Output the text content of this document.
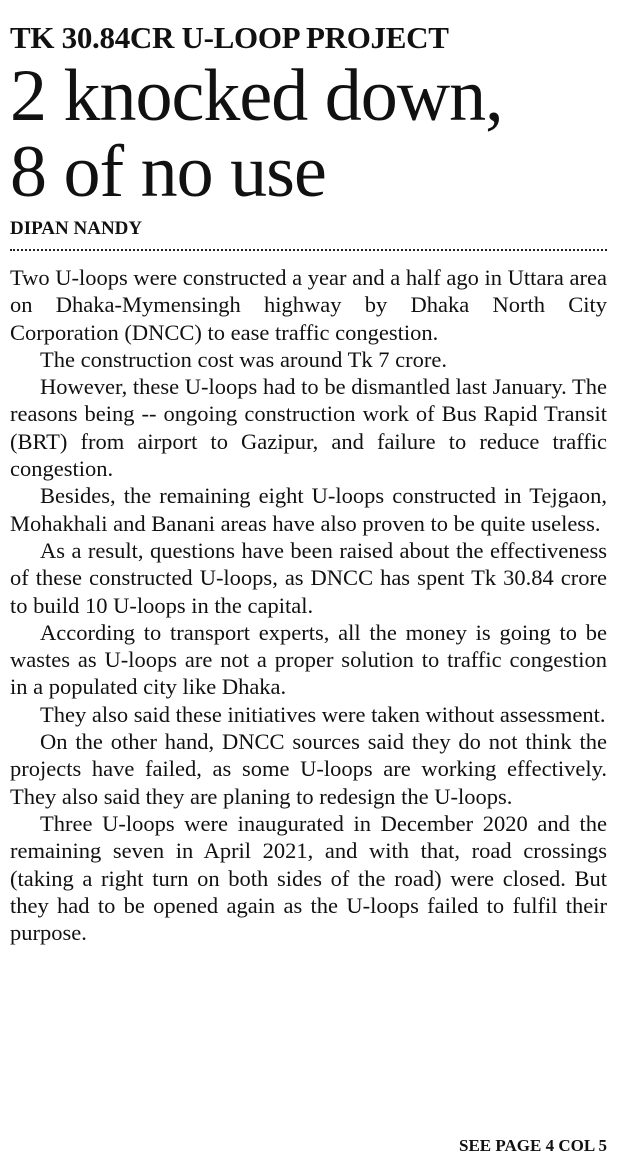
TK 30.84CR U-LOOP PROJECT
2 knocked down,
8 of no use
DIPAN NANDY

Two U-loops were constructed a year and a half ago in Uttara area on Dhaka-Mymensingh highway by Dhaka North City Corporation (DNCC) to ease traffic congestion.

The construction cost was around Tk 7 crore.

However, these U-loops had to be dismantled last January. The reasons being -- ongoing construction work of Bus Rapid Transit (BRT) from airport to Gazipur, and failure to reduce traffic congestion.

Besides, the remaining eight U-loops constructed in Tejgaon, Mohakhali and Banani areas have also proven to be quite useless.

As a result, questions have been raised about the effectiveness of these constructed U-loops, as DNCC has spent Tk 30.84 crore to build 10 U-loops in the capital.

According to transport experts, all the money is going to be wastes as U-loops are not a proper solution to traffic congestion in a populated city like Dhaka.

They also said these initiatives were taken without assessment.

On the other hand, DNCC sources said they do not think the projects have failed, as some U-loops are working effectively. They also said they are planing to redesign the U-loops.

Three U-loops were inaugurated in December 2020 and the remaining seven in April 2021, and with that, road crossings (taking a right turn on both sides of the road) were closed. But they had to be opened again as the U-loops failed to fulfil their purpose.

SEE PAGE 4 COL 5
